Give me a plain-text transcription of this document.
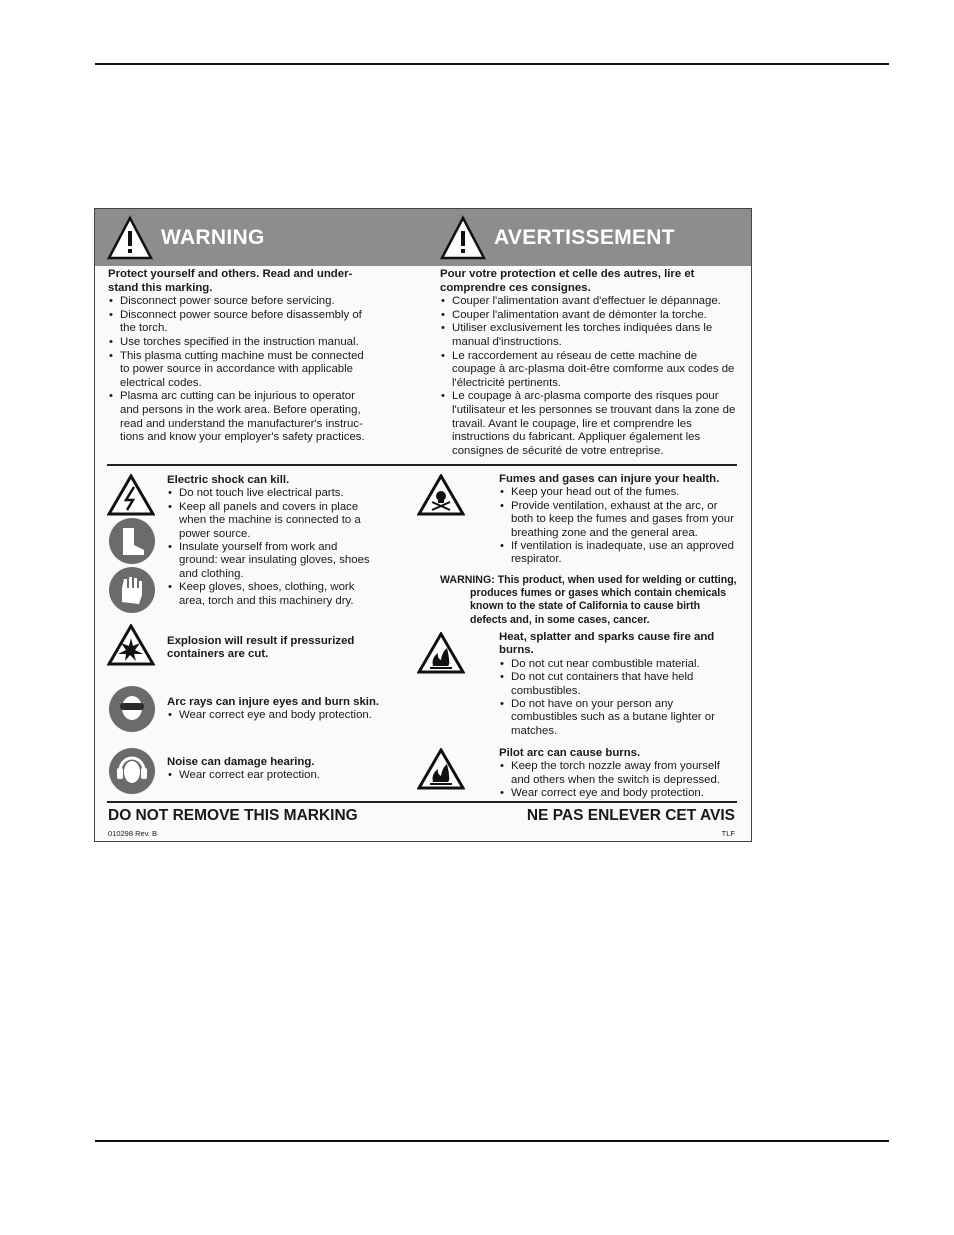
WARNING	AVERTISSEMENT
Protect yourself and others. Read and under-stand this marking.
• Disconnect power source before servicing.
• Disconnect power source before disassembly of the torch.
• Use torches specified in the instruction manual.
• This plasma cutting machine must be connected to power source in accordance with applicable electrical codes.
• Plasma arc cutting can be injurious to operator and persons in the work area. Before operating, read and understand the manufacturer's instruc-tions and know your employer's safety practices.
Pour votre protection et celle des autres, lire et comprendre ces consignes.
• Couper l'alimentation avant d'effectuer le dépannage.
• Couper l'alimentation avant de démonter la torche.
• Utiliser exclusivement les torches indiquées dans le manual d'instructions.
• Le raccordement au réseau de cette machine de coupage à arc-plasma doit-être comforme aux codes de l'électricité pertinents.
• Le coupage à arc-plasma comporte des risques pour l'utilisateur et les personnes se trouvant dans la zone de travail. Avant le coupage, lire et comprendre les instructions du fabricant. Appliquer également les consignes de sécurité de votre entreprise.
Electric shock can kill.
• Do not touch live electrical parts.
• Keep all panels and covers in place when the machine is connected to a power source.
• Insulate yourself from work and ground: wear insulating gloves, shoes and clothing.
• Keep gloves, shoes, clothing, work area, torch and this machinery dry.
Explosion will result if pressurized containers are cut.
Arc rays can injure eyes and burn skin.
• Wear correct eye and body protection.
Noise can damage hearing.
• Wear correct ear protection.
Fumes and gases can injure your health.
• Keep your head out of the fumes.
• Provide ventilation, exhaust at the arc, or both to keep the fumes and gases from your breathing zone and the general area.
• If ventilation is inadequate, use an approved respirator.
WARNING: This product, when used for welding or cutting,
produces fumes or gases which contain chemicals known to the state of California to cause birth defects and, in some cases, cancer.
Heat, splatter and sparks cause fire and burns.
• Do not cut near combustible material.
• Do not cut containers that have held combustibles.
• Do not have on your person any combustibles such as a butane lighter or matches.
Pilot arc can cause burns.
• Keep the torch nozzle away from yourself and others when the switch is depressed.
• Wear correct eye and body protection.
DO NOT REMOVE THIS MARKING	NE PAS ENLEVER CET AVIS
010298 Rev. B	TLF
